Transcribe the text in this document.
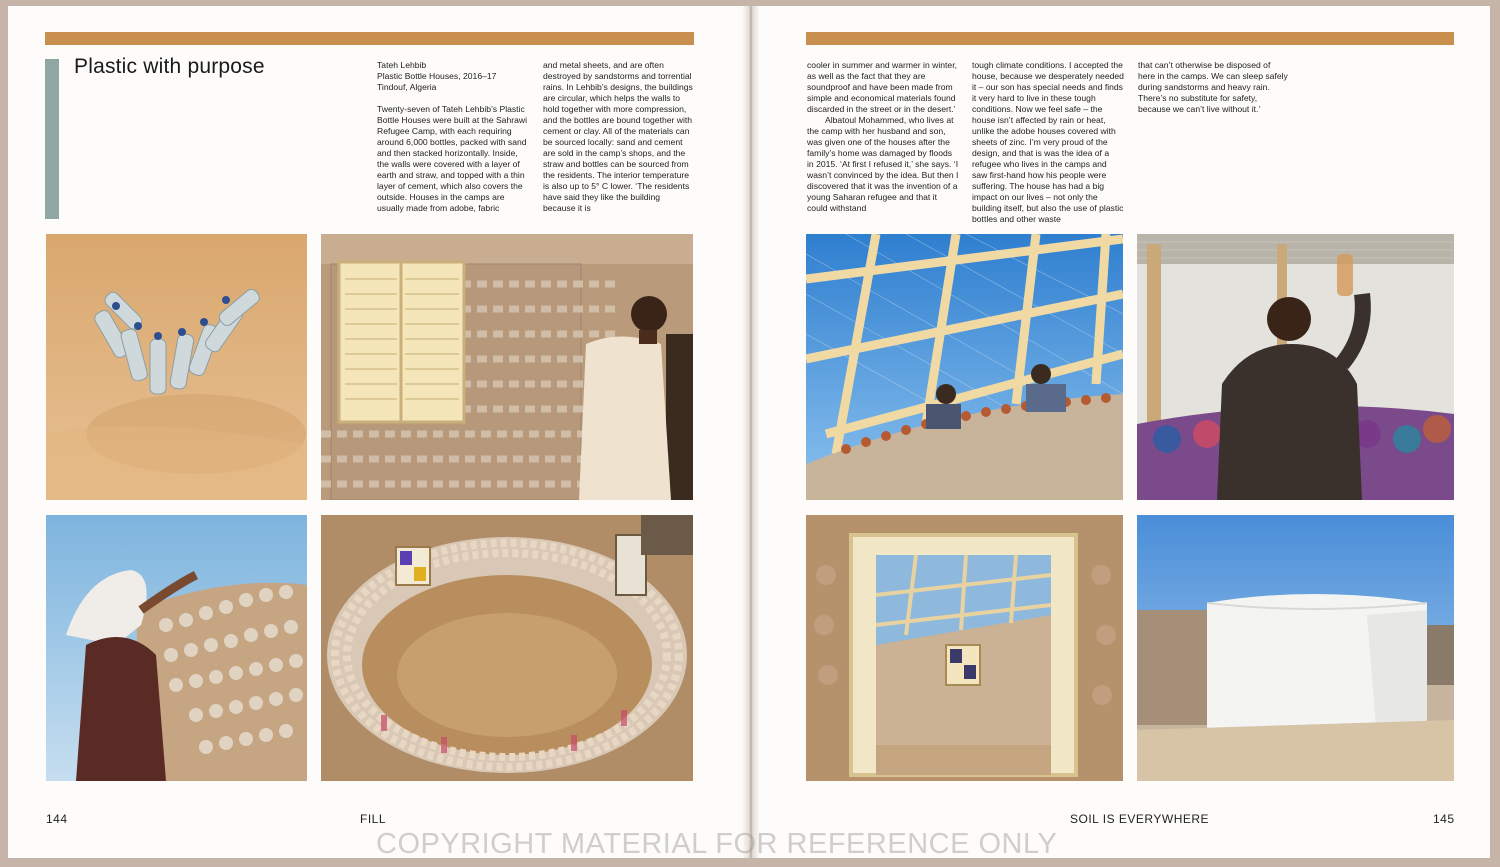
Plastic with purpose	Tateh Lehbib

Plastic Bottle Houses, 2016–17

Tindouf, Algeria

Twenty-seven of Tateh Lehbib’s Plastic Bottle Houses were built at the Sahrawi Refugee Camp, with each requiring around 6,000 bottles, packed with sand and then stacked horizontally. Inside, the walls were covered with a layer of earth and straw, and topped with a thin layer of cement, which also covers the outside. Houses in the camps are usually made from adobe, fabric

and metal sheets, and are often destroyed by sandstorms and torrential rains. In Lehbib’s designs, the buildings are circular, which helps the walls to hold together with more compression, and the bottles are bound together with cement or clay. All of the materials can be sourced locally: sand and cement are sold in the camp’s shops, and the straw and bottles can be sourced from the residents. The interior temperature is also up to 5° C lower. ‘The residents have said they like the building because it is

144	FILL

cooler in summer and warmer in winter, as well as the fact that they are soundproof and have been made from simple and economical materials found discarded in the street or in the desert.’

Albatoul Mohammed, who lives at the camp with her husband and son, was given one of the houses after the family’s home was damaged by floods in 2015. ‘At first I refused it,’ she says. ‘I wasn’t convinced by the idea. But then I discovered that it was the invention of a young Saharan refugee and that it could withstand

tough climate conditions. I accepted the house, because we desperately needed it – our son has special needs and finds it very hard to live in these tough conditions. Now we feel safe – the house isn’t affected by rain or heat, unlike the adobe houses covered with sheets of zinc. I’m very proud of the design, and that is was the idea of a refugee who lives in the camps and saw first-hand how his people were suffering. The house has had a big impact on our lives – not only the building itself, but also the use of plastic bottles and other waste

that can’t otherwise be disposed of here in the camps. We can sleep safely during sandstorms and heavy rain. There’s no substitute for safety, because we can’t live without it.’

SOIL IS EVERYWHERE	145
COPYRIGHT MATERIAL FOR REFERENCE ONLY
